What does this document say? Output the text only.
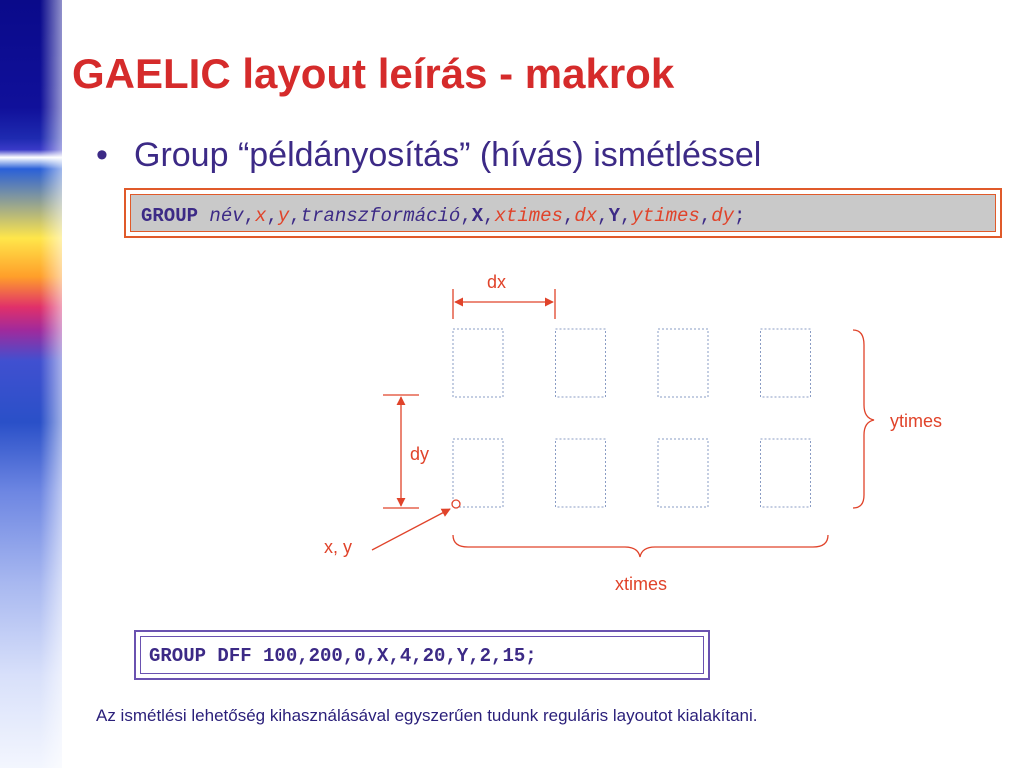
GAELIC layout leírás - makrok
• Group “példányosítás” (hívás) ismétléssel
GROUP név,x,y,transzformáció,X,xtimes,dx,Y,ytimes,dy;
dx
dy
ytimes
xtimes
x, y
GROUP DFF 100,200,0,X,4,20,Y,2,15;
Az ismétlési lehetőség kihasználásával egyszerűen tudunk reguláris layoutot kialakítani.
